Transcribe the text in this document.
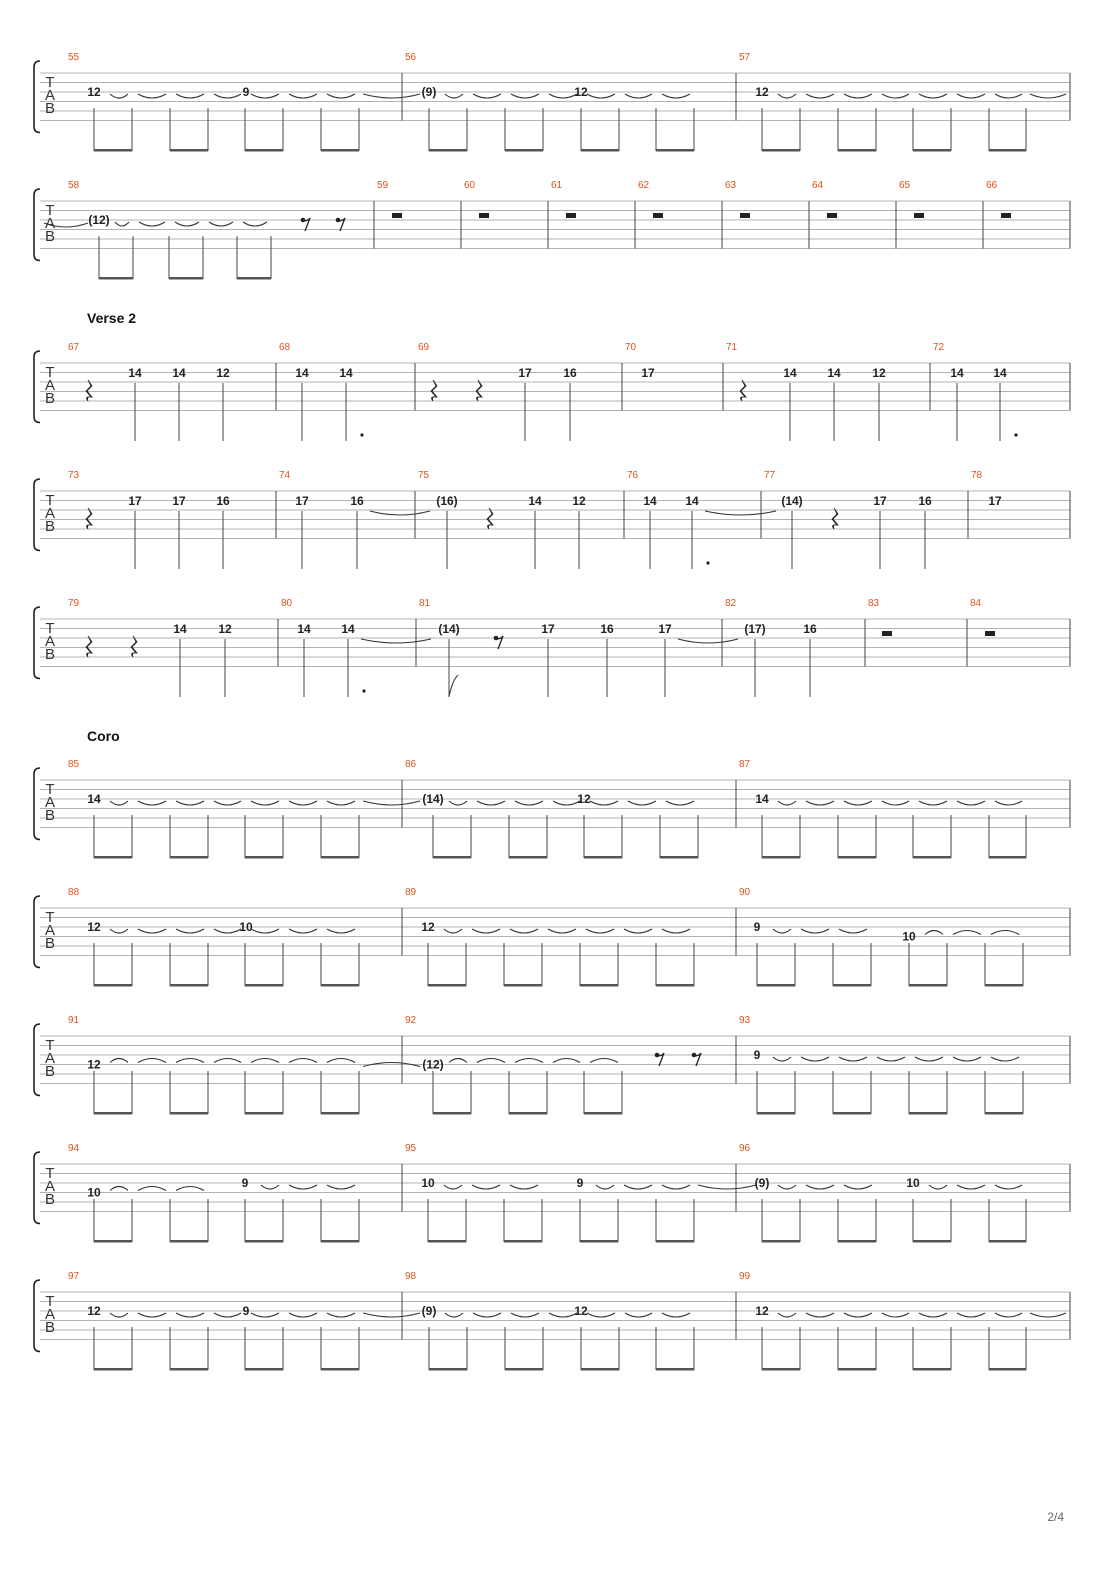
T
A
B
55	56	57
12	9	(9)	12	12
T
A
B
58	59	60	61	62	63	64	65	66
(12)
T
A
B
67	68	69	70	71	72
14	14	12	14	14	17	16	17	14	14	12	14 14
T
A
B
73	74	75	76	77	78
17	17	16	17	16	(16)	14	12	14 14	(14)	17	16	17
T
A
B
79	80	81	82	83	84
14	12	14	14	(14)	17	16	17	(17)	16
T
A
B
85	86	87
14	(14)	12	14
T
A
B
88	89	90
12	10	12	9
10
T
A
B
91	92	93
12	(12)
9
T
A
B
94	95	96
10
9	10	9	(9)	10
T
A
B
97	98	99
12	9	(9)	12	12
Verse 2
Coro
2/4
